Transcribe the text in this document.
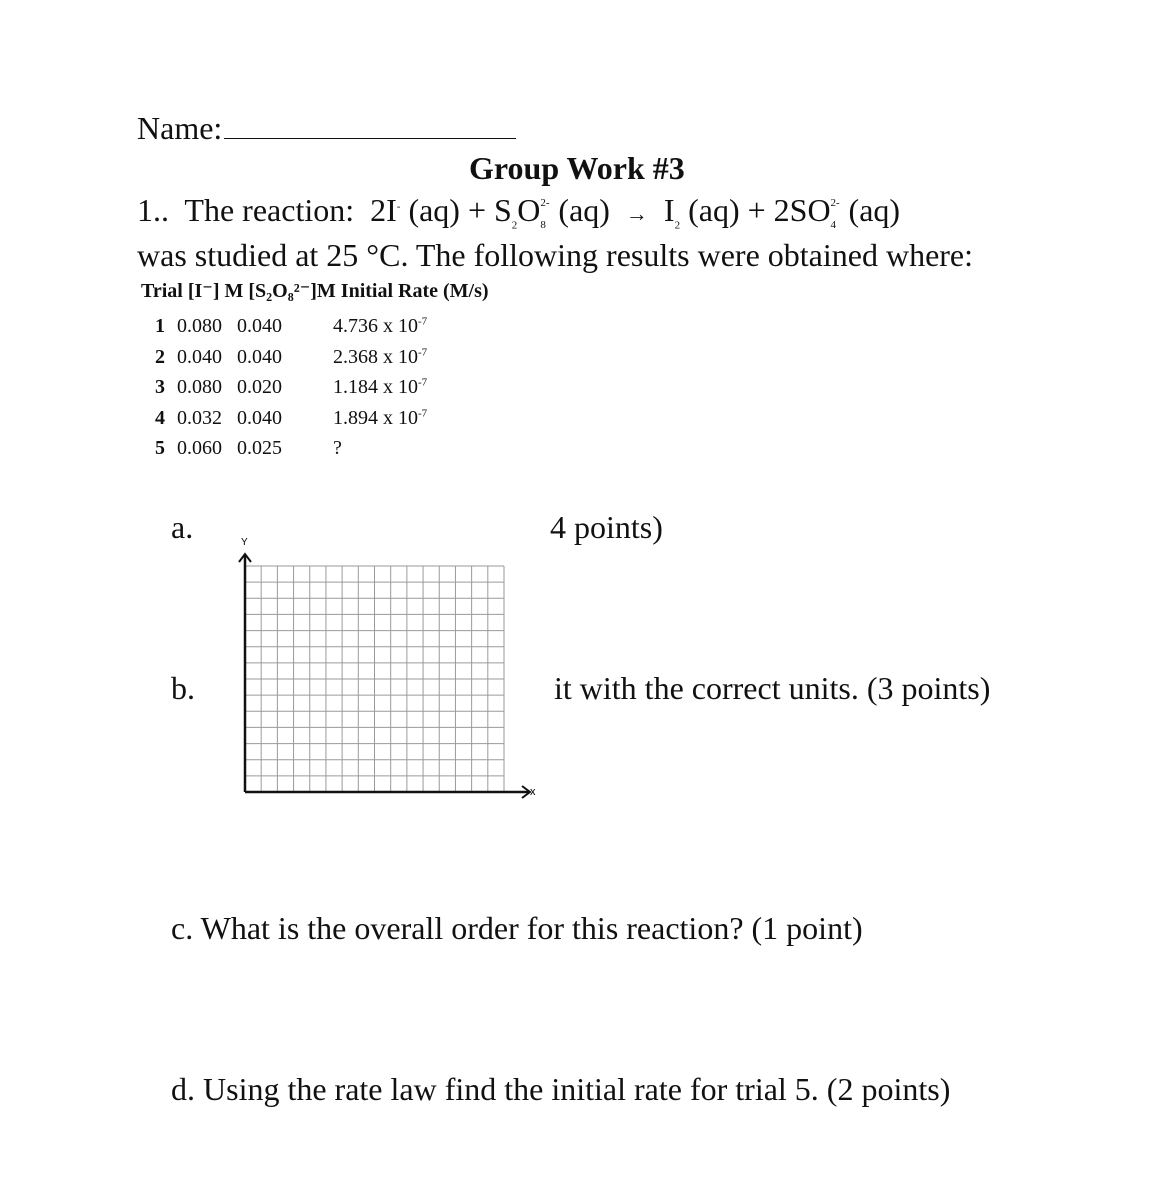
Name:
Group Work #3
1.. The reaction: 2I- $(aq) + S_2O$ 2-
8 $(aq) \to I_2$ (aq) + 2SO 2-
4 (aq)
was studied at 25 °C. The following results were obtained where:
Trial [I⁻] M [S₂O₈²⁻]M Initial Rate (M/s)
1 0.080 0.040	4.736 x $10^{-7}$
2 0.040 0.040	2.368 x $10^{-7}$
3 0.080 0.020	1.184 x $10^{-7}$
4 0.032 0.040	1.894 x $10^{-7}$
5 0.060 0.025	?
a.	4 points)
b.	it with the correct units. (3 points)
Y
x
c. What is the overall order for this reaction? (1 point)
d. Using the rate law find the initial rate for trial 5. (2 points)
